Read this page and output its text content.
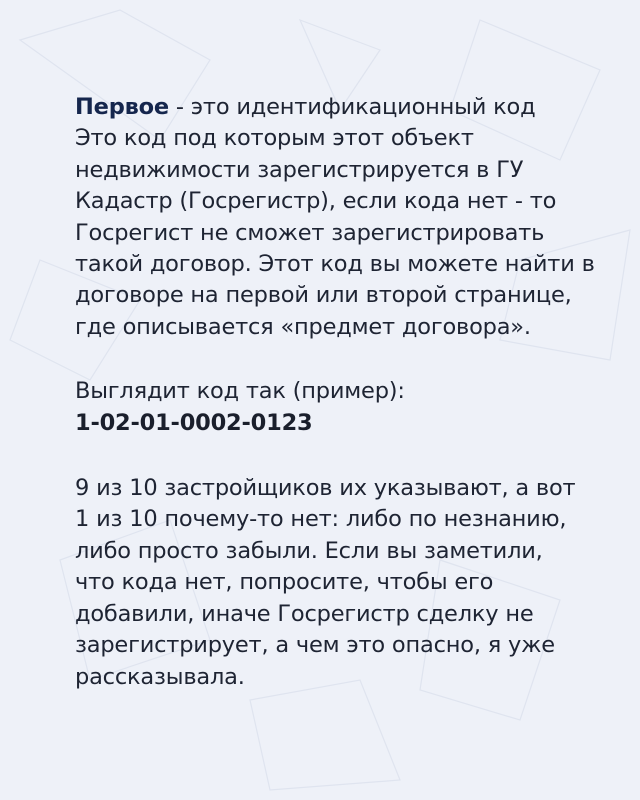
Первое - это идентификационный код
Это код под которым этот объект
недвижимости зарегистрируется в ГУ
Кадастр (Госрегистр), если кода нет - то
Госрегист не сможет зарегистрировать
такой договор. Этот код вы можете найти в
договоре на первой или второй странице,
где описывается «предмет договора».

Выглядит код так (пример):
1-02-01-0002-0123

9 из 10 застройщиков их указывают, а вот
1 из 10 почему-то нет: либо по незнанию,
либо просто забыли. Если вы заметили,
что кода нет, попросите, чтобы его
добавили, иначе Госрегистр сделку не
зарегистрирует, а чем это опасно, я уже
рассказывала.
